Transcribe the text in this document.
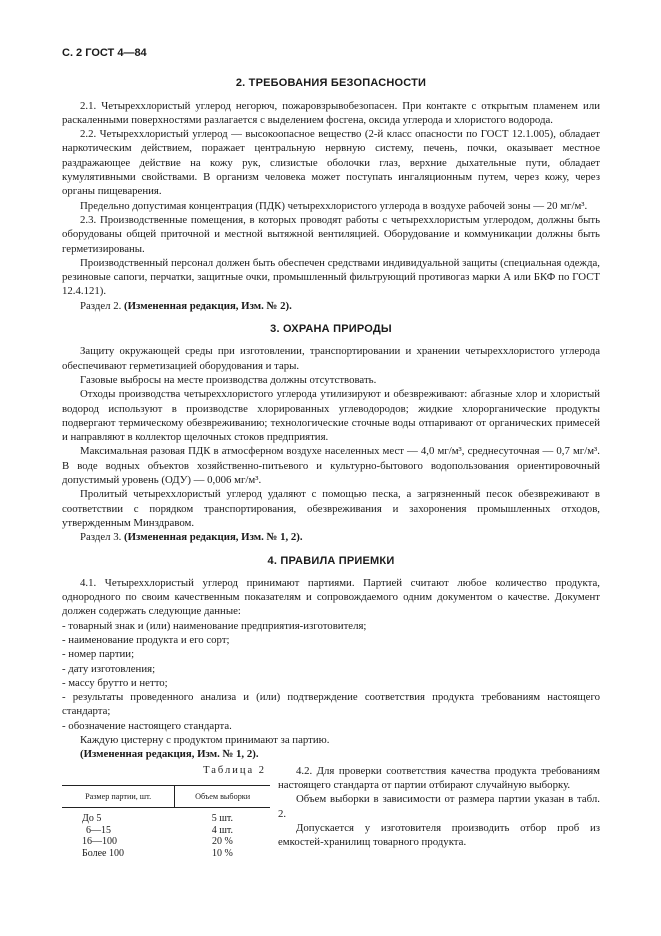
С. 2 ГОСТ 4—84
2. ТРЕБОВАНИЯ БЕЗОПАСНОСТИ

2.1. Четыреххлористый углерод негорюч, пожаровзрывобезопасен. При контакте с открытым пламенем или раскаленными поверхностями разлагается с выделением фосгена, оксида углерода и хлористого водорода.

2.2. Четыреххлористый углерод — высокоопасное вещество (2-й класс опасности по ГОСТ 12.1.005), обладает наркотическим действием, поражает центральную нервную систему, печень, почки, оказывает местное раздражающее действие на кожу рук, слизистые оболочки глаз, верхние дыхательные пути, обладает кумулятивными свойствами. В организм человека может поступать ингаляционным путем, через кожу, через органы пищеварения.

Предельно допустимая концентрация (ПДК) четыреххлористого углерода в воздухе рабочей зоны — 20 мг/м³.

2.3. Производственные помещения, в которых проводят работы с четыреххлористым углеродом, должны быть оборудованы общей приточной и местной вытяжной вентиляцией. Оборудование и коммуникации должны быть герметизированы.

Производственный персонал должен быть обеспечен средствами индивидуальной защиты (специальная одежда, резиновые сапоги, перчатки, защитные очки, промышленный фильтрующий противогаз марки А или БКФ по ГОСТ 12.4.121).

Раздел 2. (Измененная редакция, Изм. № 2).

3. ОХРАНА ПРИРОДЫ

Защиту окружающей среды при изготовлении, транспортировании и хранении четыреххлористого углерода обеспечивают герметизацией оборудования и тары.

Газовые выбросы на месте производства должны отсутствовать.

Отходы производства четыреххлористого углерода утилизируют и обезвреживают: абгазные хлор и хлористый водород используют в производстве хлорированных углеводородов; жидкие хлорорганические продукты подвергают термическому обезвреживанию; технологические сточные воды отпаривают от органических примесей и направляют в коллектор щелочных стоков предприятия.

Максимальная разовая ПДК в атмосферном воздухе населенных мест — 4,0 мг/м³, среднесуточная — 0,7 мг/м³. В воде водных объектов хозяйственно-питьевого и культурно-бытового водопользования ориентировочный допустимый уровень (ОДУ) — 0,006 мг/м³.

Пролитый четыреххлористый углерод удаляют с помощью песка, а загрязненный песок обезвреживают в соответствии с порядком транспортирования, обезвреживания и захоронения промышленных отходов, утвержденным Минздравом.

Раздел 3. (Измененная редакция, Изм. № 1, 2).

4. ПРАВИЛА ПРИЕМКИ

4.1. Четыреххлористый углерод принимают партиями. Партией считают любое количество продукта, однородного по своим качественным показателям и сопровождаемого одним документом о качестве. Документ должен содержать следующие данные:

- товарный знак и (или) наименование предприятия-изготовителя;
- наименование продукта и его сорт;
- номер партии;
- дату изготовления;
- массу брутто и нетто;
- результаты проведенного анализа и (или) подтверждение соответствия продукта требованиям настоящего стандарта;
- обозначение настоящего стандарта.

Каждую цистерну с продуктом принимают за партию.

(Измененная редакция, Изм. № 1, 2).

Таблица 2
Размер партии, шт.	Объем выборки
До 5	5 шт.
6—15	4 шт.
16—100	20 %
Более 100	10 %

4.2. Для проверки соответствия качества продукта требованиям настоящего стандарта от партии отбирают случайную выборку.

Объем выборки в зависимости от размера партии указан в табл. 2.

Допускается у изготовителя производить отбор проб из емкостей-хранилищ товарного продукта.
